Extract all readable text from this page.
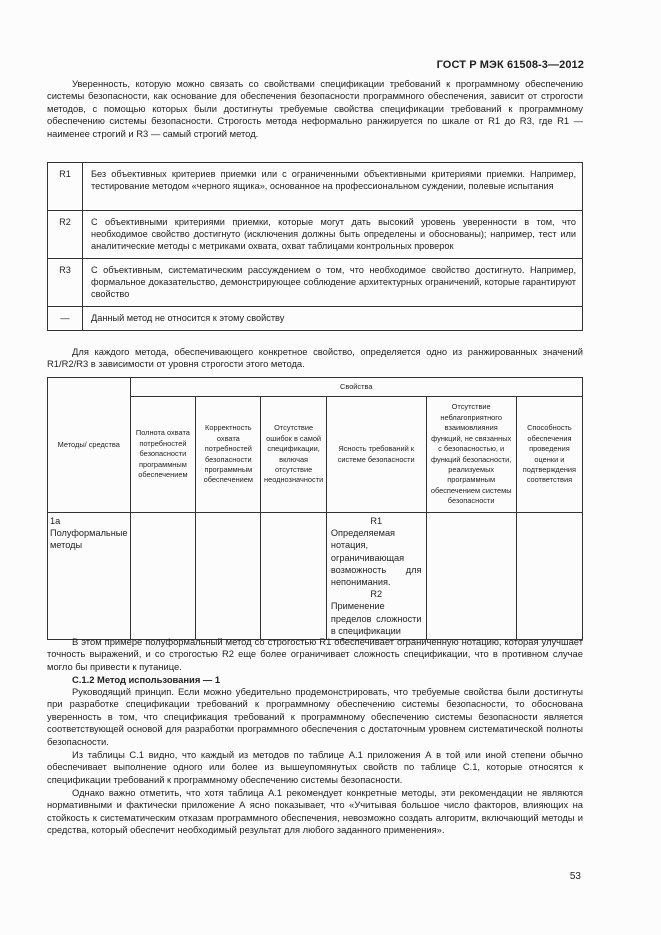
ГОСТ Р МЭК 61508-3—2012

Уверенность, которую можно связать со свойствами спецификации требований к программному обеспечению системы безопасности, как основание для обеспечения безопасности программного обеспечения, зависит от строгости методов, с помощью которых были достигнуты требуемые свойства спецификации требований к программному обеспечению системы безопасности. Строгость метода неформально ранжируется по шкале от R1 до R3, где R1 — наименее строгий и R3 — самый строгий метод.

R1	Без объективных критериев приемки или с ограниченными объективными критериями приемки. Например, тестирование методом «черного ящика», основанное на профессиональном суждении, полевые испытания
R2	С объективными критериями приемки, которые могут дать высокий уровень уверенности в том, что необходимое свойство достигнуто (исключения должны быть определены и обоснованы); например, тест или аналитические методы с метриками охвата, охват таблицами контрольных проверок
R3	С объективным, систематическим рассуждением о том, что необходимое свойство достигнуто. Например, формальное доказательство, демонстрирующее соблюдение архитектурных ограничений, которые гарантируют свойство
—	Данный метод не относится к этому свойству

Для каждого метода, обеспечивающего конкретное свойство, определяется одно из ранжированных значений R1/R2/R3 в зависимости от уровня строгости этого метода.

Методы/ средства	Свойства					
	Полнота охвата потребностей безопасности программным обеспечением	Корректность охвата потребностей безопасности программным обеспечением	Отсутствие ошибок в самой спецификации, включая отсутствие неоднозначности	Ясность требований к системе безопасности	Отсутствие неблагоприятного взаимовлияния функций, не связанных с безопасностью, и функций безопасности, реализуемых программным обеспечением системы безопасности	Способность обеспечения проведения оценки и подтверждения соответствия
1а Полуформальные методы				R1
Определяемая нотация, ограничивающая возможность для непонимания.
R2
Применение пределов сложности в спецификации		

В этом примере полуформальный метод со строгостью R1 обеспечивает ограниченную нотацию, которая улучшает точность выражений, и со строгостью R2 еще более ограничивает сложность спецификации, что в противном случае могло бы привести к путанице.

С.1.2 Метод использования — 1

Руководящий принцип. Если можно убедительно продемонстрировать, что требуемые свойства были достигнуты при разработке спецификации требований к программному обеспечению системы безопасности, то обоснована уверенность в том, что спецификация требований к программному обеспечению системы безопасности является соответствующей основой для разработки программного обеспечения с достаточным уровнем систематической полноты безопасности.

Из таблицы С.1 видно, что каждый из методов по таблице А.1 приложения А в той или иной степени обычно обеспечивает выполнение одного или более из вышеупомянутых свойств по таблице С.1, которые относятся к спецификации требований к программному обеспечению системы безопасности.

Однако важно отметить, что хотя таблица А.1 рекомендует конкретные методы, эти рекомендации не являются нормативными и фактически приложение А ясно показывает, что «Учитывая большое число факторов, влияющих на стойкость к систематическим отказам программного обеспечения, невозможно создать алгоритм, включающий методы и средства, который обеспечит необходимый результат для любого заданного применения».

53
